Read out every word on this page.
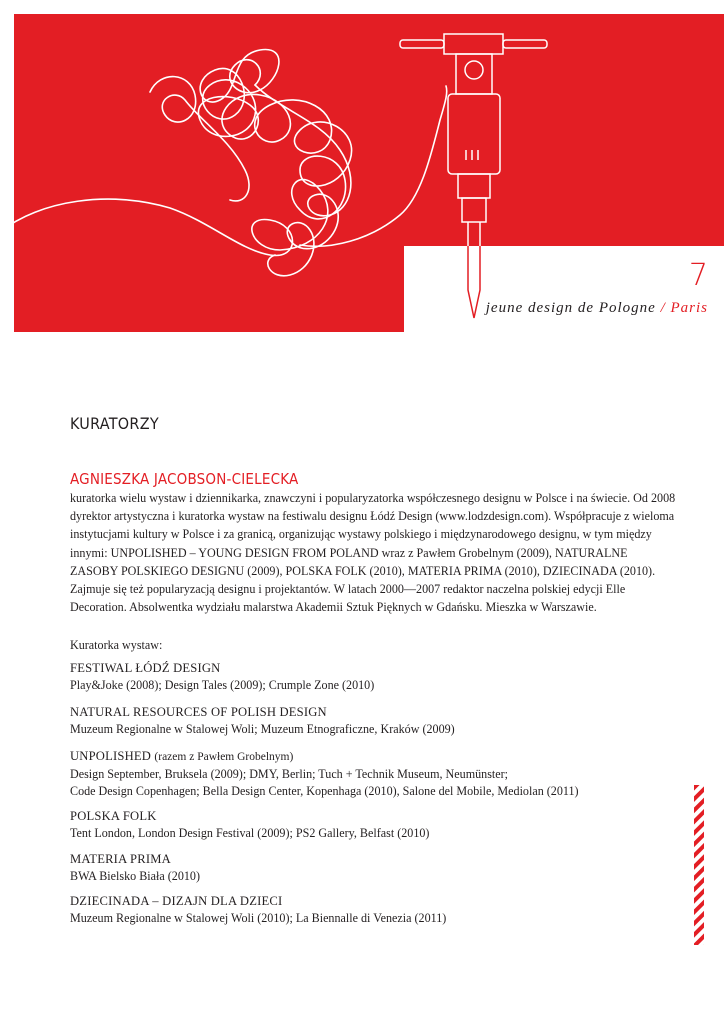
UN OLISHED7
jeune design de Pologne / Paris
KURATORZY
AGNIESZKA JACOBSON-CIELECKA
kuratorka wielu wystaw i dziennikarka, znawczyni i popularyzatorka współczesnego designu w Polsce i na świecie. Od 2008
dyrektor artystyczna i kuratorka wystaw na festiwalu designu Łódź Design (www.lodzdesign.com). Współpracuje z wieloma
instytucjami kultury w Polsce i za granicą, organizując wystawy polskiego i międzynarodowego designu, w tym między
innymi: UNPOLISHED – YOUNG DESIGN FROM POLAND wraz z Pawłem Grobelnym (2009), NATURALNE
ZASOBY POLSKIEGO DESIGNU (2009), POLSKA FOLK (2010), MATERIA PRIMA (2010), DZIECINADA (2010).
Zajmuje się też popularyzacją designu i projektantów. W latach 2000—2007 redaktor naczelna polskiej edycji Elle
Decoration. Absolwentka wydziału malarstwa Akademii Sztuk Pięknych w Gdańsku. Mieszka w Warszawie.
Kuratorka wystaw:
FESTIWAL ŁÓDŹ DESIGN
Play&Joke (2008); Design Tales (2009); Crumple Zone (2010)
NATURAL RESOURCES OF POLISH DESIGN
Muzeum Regionalne w Stalowej Woli; Muzeum Etnograficzne, Kraków (2009)
UNPOLISHED (razem z Pawłem Grobelnym)
Design September, Bruksela (2009); DMY, Berlin; Tuch + Technik Museum, Neumünster;
Code Design Copenhagen; Bella Design Center, Kopenhaga (2010), Salone del Mobile, Mediolan (2011)
POLSKA FOLK
Tent London, London Design Festival (2009); PS2 Gallery, Belfast (2010)
MATERIA PRIMA
BWA Bielsko Biała (2010)
DZIECINADA – DIZAJN DLA DZIECI
Muzeum Regionalne w Stalowej Woli (2010); La Biennalle di Venezia (2011)
